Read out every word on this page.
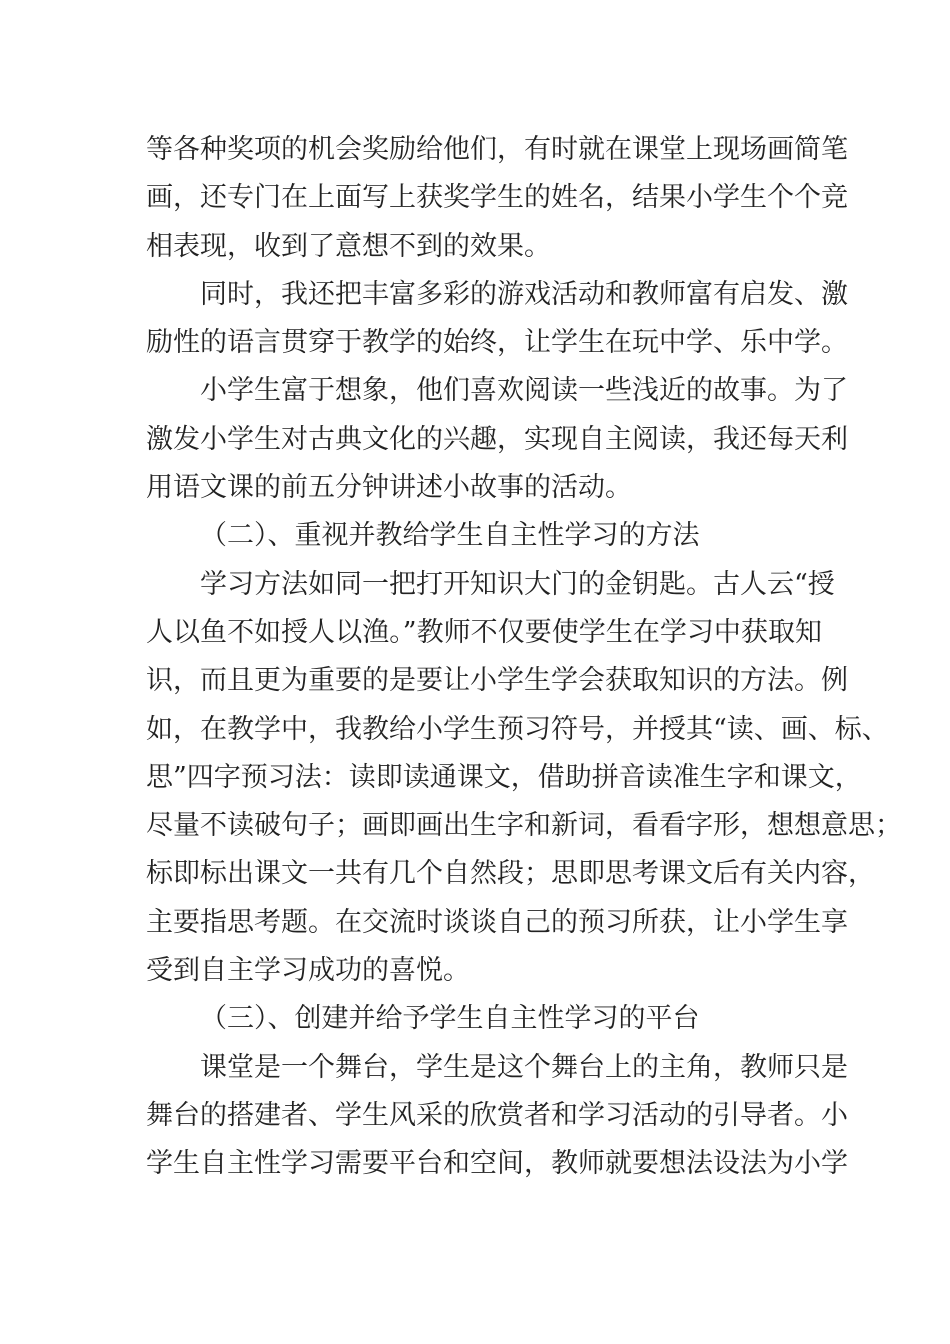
等各种奖项的机会奖励给他们，有时就在课堂上现场画简笔
画，还专门在上面写上获奖学生的姓名，结果小学生个个竞
相表现，收到了意想不到的效果。
同时，我还把丰富多彩的游戏活动和教师富有启发、激
励性的语言贯穿于教学的始终，让学生在玩中学、乐中学。
小学生富于想象，他们喜欢阅读一些浅近的故事。为了
激发小学生对古典文化的兴趣，实现自主阅读，我还每天利
用语文课的前五分钟讲述小故事的活动。
（二）、重视并教给学生自主性学习的方法
学习方法如同一把打开知识大门的金钥匙。古人云“授
人以鱼不如授人以渔。”教师不仅要使学生在学习中获取知
识，而且更为重要的是要让小学生学会获取知识的方法。例
如，在教学中，我教给小学生预习符号，并授其“读、画、标、
思”四字预习法：读即读通课文，借助拼音读准生字和课文，
尽量不读破句子；画即画出生字和新词，看看字形，想想意思；
标即标出课文一共有几个自然段；思即思考课文后有关内容，
主要指思考题。在交流时谈谈自己的预习所获，让小学生享
受到自主学习成功的喜悦。
（三）、创建并给予学生自主性学习的平台
课堂是一个舞台，学生是这个舞台上的主角，教师只是
舞台的搭建者、学生风采的欣赏者和学习活动的引导者。小
学生自主性学习需要平台和空间，教师就要想法设法为小学
